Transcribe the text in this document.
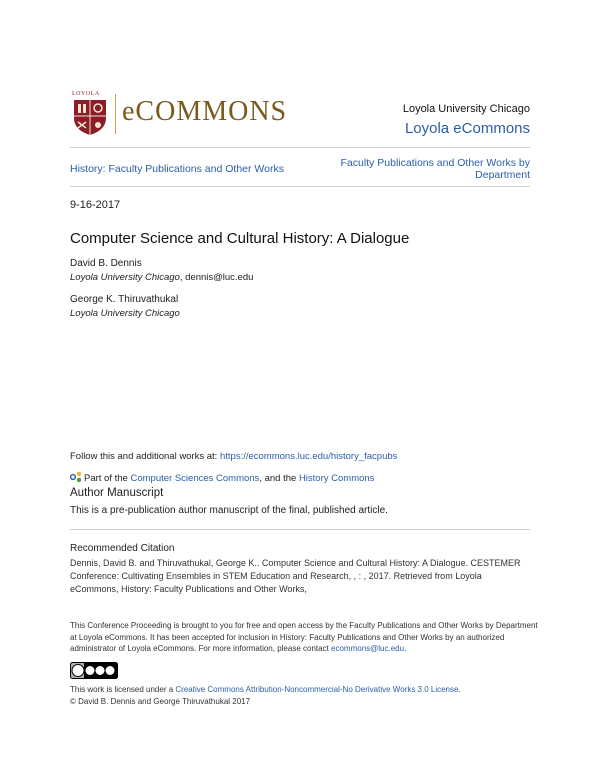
LOYOLA
eCOMMONS	Loyola University Chicago
Loyola eCommons
History: Faculty Publications and Other Works	Faculty Publications and Other Works by Department
9-16-2017
Computer Science and Cultural History: A Dialogue
David B. Dennis
Loyola University Chicago, dennis@luc.edu
George K. Thiruvathukal
Loyola University Chicago
Follow this and additional works at: https://ecommons.luc.edu/history_facpubs
Part of the Computer Sciences Commons, and the History Commons
Author Manuscript
This is a pre-publication author manuscript of the final, published article.
Recommended Citation
Dennis, David B. and Thiruvathukal, George K.. Computer Science and Cultural History: A Dialogue. CESTEMER Conference: Cultivating Ensembles in STEM Education and Research, , : , 2017. Retrieved from Loyola eCommons, History: Faculty Publications and Other Works,
This Conference Proceeding is brought to you for free and open access by the Faculty Publications and Other Works by Department at Loyola eCommons. It has been accepted for inclusion in History: Faculty Publications and Other Works by an authorized administrator of Loyola eCommons. For more information, please contact ecommons@luc.edu.
This work is licensed under a Creative Commons Attribution-Noncommercial-No Derivative Works 3.0 License.
© David B. Dennis and George Thiruvathukal 2017
